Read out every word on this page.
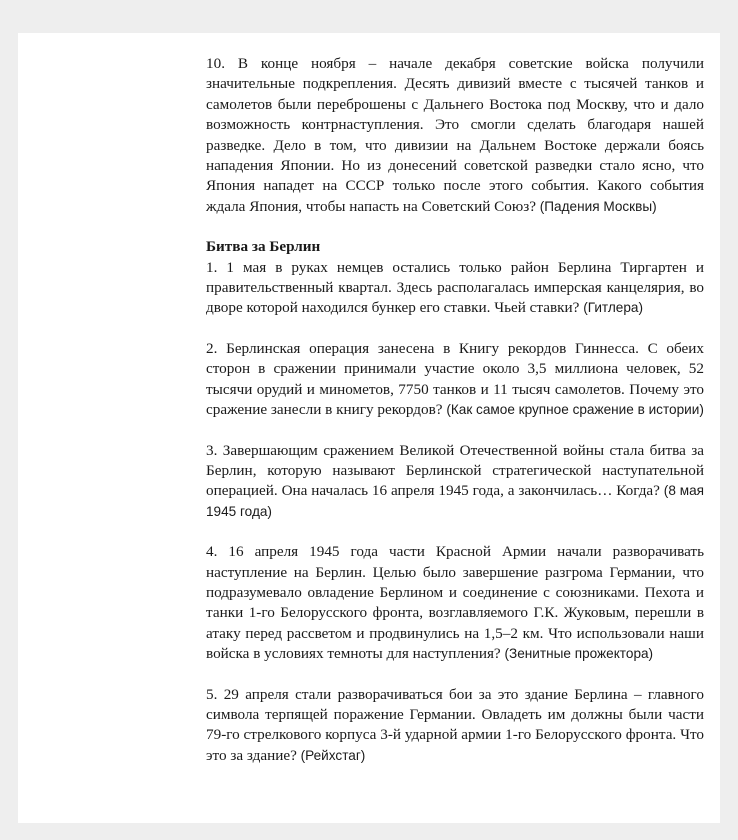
10. В конце ноября – начале декабря советские войска получили значительные подкрепления. Десять дивизий вместе с тысячей танков и самолетов были переброшены с Дальнего Востока под Москву, что и дало возможность контрнаступления. Это смогли сделать благодаря нашей разведке. Дело в том, что дивизии на Дальнем Востоке держали боясь нападения Японии. Но из донесений советской разведки стало ясно, что Япония нападет на СССР только после этого события. Какого события ждала Япония, чтобы напасть на Советский Союз? (Падения Москвы)

Битва за Берлин

1. 1 мая в руках немцев остались только район Берлина Тиргартен и правительственный квартал. Здесь располагалась имперская канцелярия, во дворе которой находился бункер его ставки. Чьей ставки? (Гитлера)

2. Берлинская операция занесена в Книгу рекордов Гиннесса. С обеих сторон в сражении принимали участие около 3,5 миллиона человек, 52 тысячи орудий и минометов, 7750 танков и 11 тысяч самолетов. Почему это сражение занесли в книгу рекордов? (Как самое крупное сражение в истории)

3. Завершающим сражением Великой Отечественной войны стала битва за Берлин, которую называют Берлинской стратегической наступательной операцией. Она началась 16 апреля 1945 года, а закончилась… Когда? (8 мая 1945 года)

4. 16 апреля 1945 года части Красной Армии начали разворачивать наступление на Берлин. Целью было завершение разгрома Германии, что подразумевало овладение Берлином и соединение с союзниками. Пехота и танки 1-го Белорусского фронта, возглавляемого Г.К. Жуковым, перешли в атаку перед рассветом и продвинулись на 1,5–2 км. Что использовали наши войска в условиях темноты для наступления? (Зенитные прожектора)

5. 29 апреля стали разворачиваться бои за это здание Берлина – главного символа терпящей поражение Германии. Овладеть им должны были части 79-го стрелкового корпуса 3-й ударной армии 1-го Белорусского фронта. Что это за здание? (Рейхстаг)
